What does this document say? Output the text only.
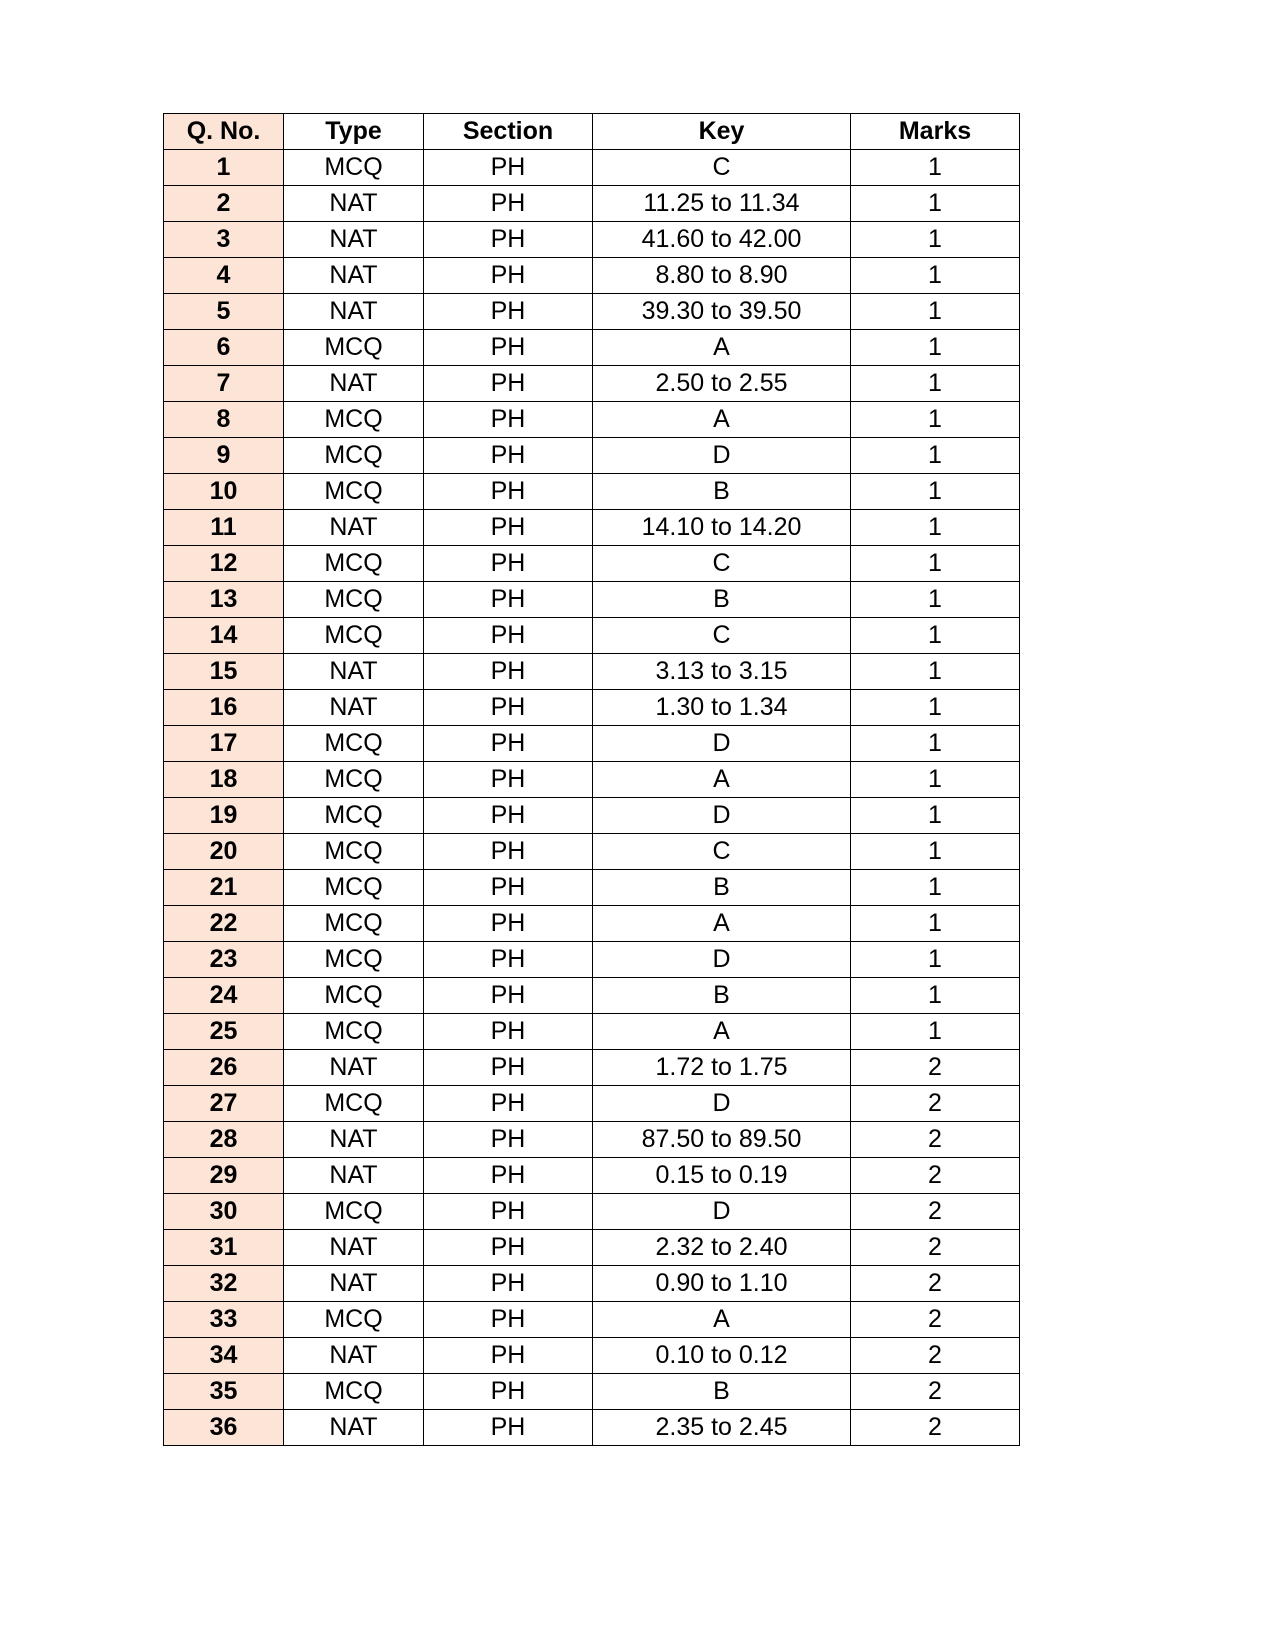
Q. No.	Type	Section	Key	Marks
1	MCQ	PH	C	1
2	NAT	PH	11.25 to 11.34	1
3	NAT	PH	41.60 to 42.00	1
4	NAT	PH	8.80 to 8.90	1
5	NAT	PH	39.30 to 39.50	1
6	MCQ	PH	A	1
7	NAT	PH	2.50 to 2.55	1
8	MCQ	PH	A	1
9	MCQ	PH	D	1
10	MCQ	PH	B	1
11	NAT	PH	14.10 to 14.20	1
12	MCQ	PH	C	1
13	MCQ	PH	B	1
14	MCQ	PH	C	1
15	NAT	PH	3.13 to 3.15	1
16	NAT	PH	1.30 to 1.34	1
17	MCQ	PH	D	1
18	MCQ	PH	A	1
19	MCQ	PH	D	1
20	MCQ	PH	C	1
21	MCQ	PH	B	1
22	MCQ	PH	A	1
23	MCQ	PH	D	1
24	MCQ	PH	B	1
25	MCQ	PH	A	1
26	NAT	PH	1.72 to 1.75	2
27	MCQ	PH	D	2
28	NAT	PH	87.50 to 89.50	2
29	NAT	PH	0.15 to 0.19	2
30	MCQ	PH	D	2
31	NAT	PH	2.32 to 2.40	2
32	NAT	PH	0.90 to 1.10	2
33	MCQ	PH	A	2
34	NAT	PH	0.10 to 0.12	2
35	MCQ	PH	B	2
36	NAT	PH	2.35 to 2.45	2
